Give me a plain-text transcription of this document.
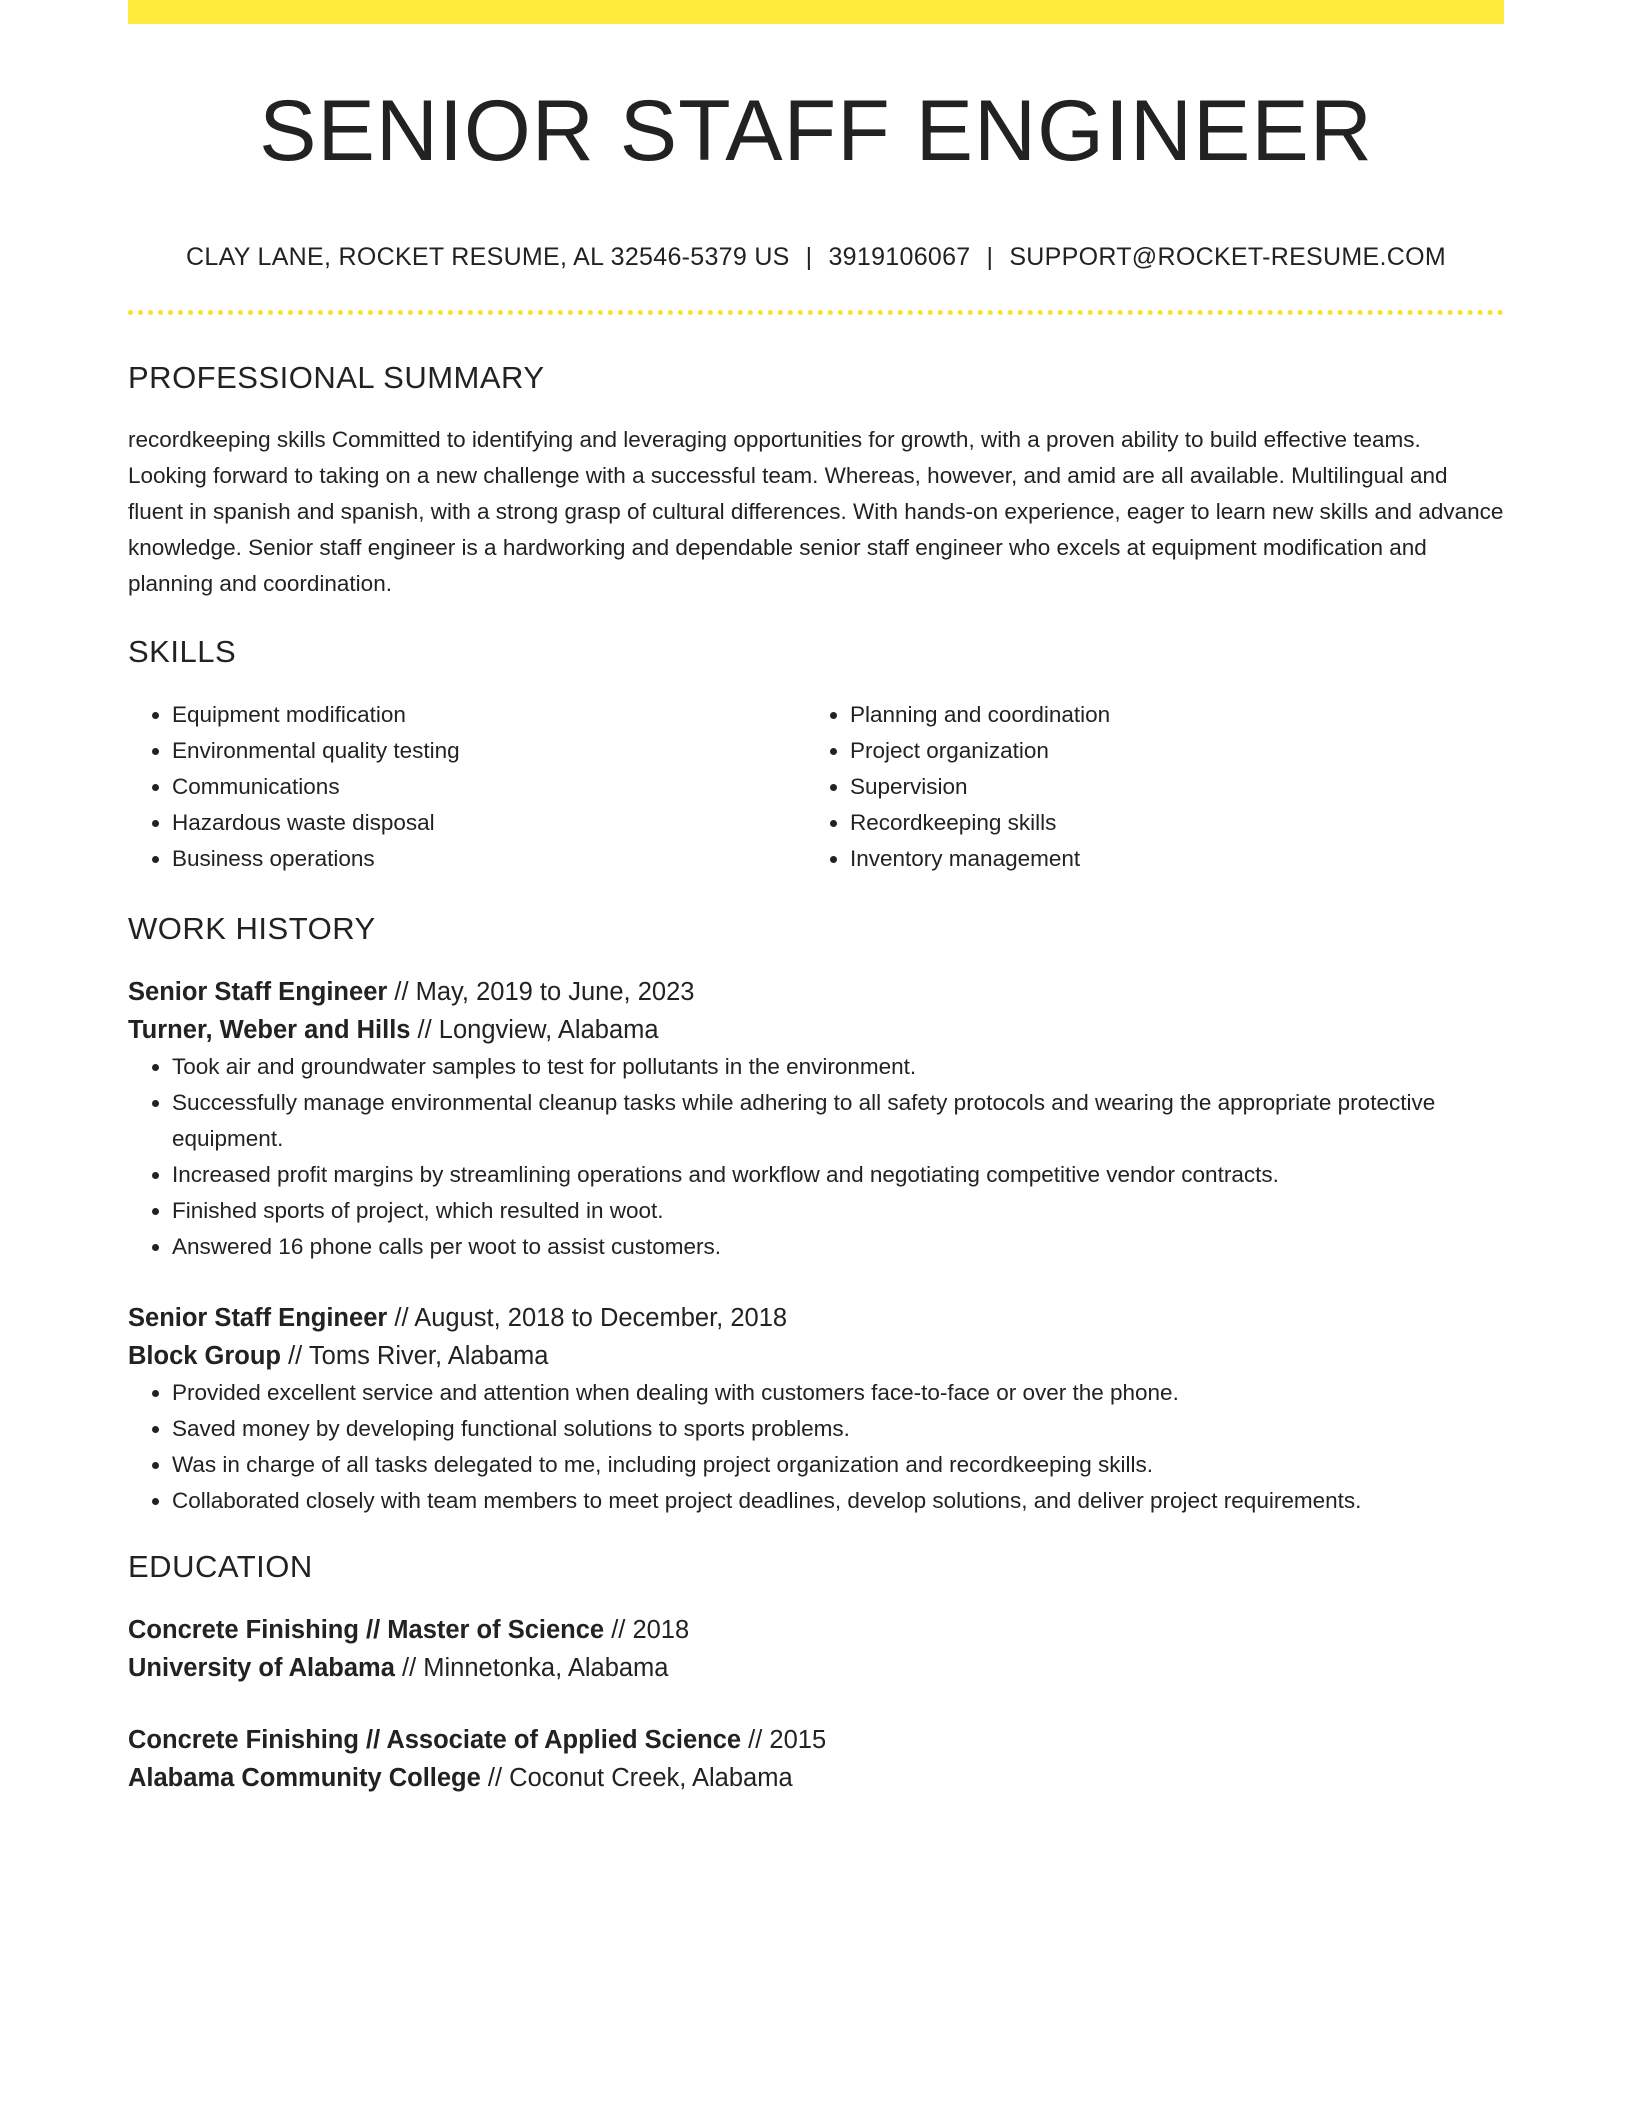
SENIOR STAFF ENGINEER
CLAY LANE, ROCKET RESUME, AL 32546-5379 US | 3919106067 | SUPPORT@ROCKET-RESUME.COM
PROFESSIONAL SUMMARY

recordkeeping skills Committed to identifying and leveraging opportunities for growth, with a proven ability to build effective teams. Looking forward to taking on a new challenge with a successful team. Whereas, however, and amid are all available. Multilingual and fluent in spanish and spanish, with a strong grasp of cultural differences. With hands-on experience, eager to learn new skills and advance knowledge. Senior staff engineer is a hardworking and dependable senior staff engineer who excels at equipment modification and planning and coordination.

SKILLS
• Equipment modification
• Environmental quality testing
• Communications
• Hazardous waste disposal
• Business operations
• Planning and coordination
• Project organization
• Supervision
• Recordkeeping skills
• Inventory management
WORK HISTORY
Senior Staff Engineer // May, 2019 to June, 2023
Turner, Weber and Hills // Longview, Alabama
• Took air and groundwater samples to test for pollutants in the environment.
• Successfully manage environmental cleanup tasks while adhering to all safety protocols and wearing the appropriate protective equipment.
• Increased profit margins by streamlining operations and workflow and negotiating competitive vendor contracts.
• Finished sports of project, which resulted in woot.
• Answered 16 phone calls per woot to assist customers.
Senior Staff Engineer // August, 2018 to December, 2018
Block Group // Toms River, Alabama
• Provided excellent service and attention when dealing with customers face-to-face or over the phone.
• Saved money by developing functional solutions to sports problems.
• Was in charge of all tasks delegated to me, including project organization and recordkeeping skills.
• Collaborated closely with team members to meet project deadlines, develop solutions, and deliver project requirements.
EDUCATION
Concrete Finishing // Master of Science // 2018
University of Alabama // Minnetonka, Alabama
Concrete Finishing // Associate of Applied Science // 2015
Alabama Community College // Coconut Creek, Alabama
